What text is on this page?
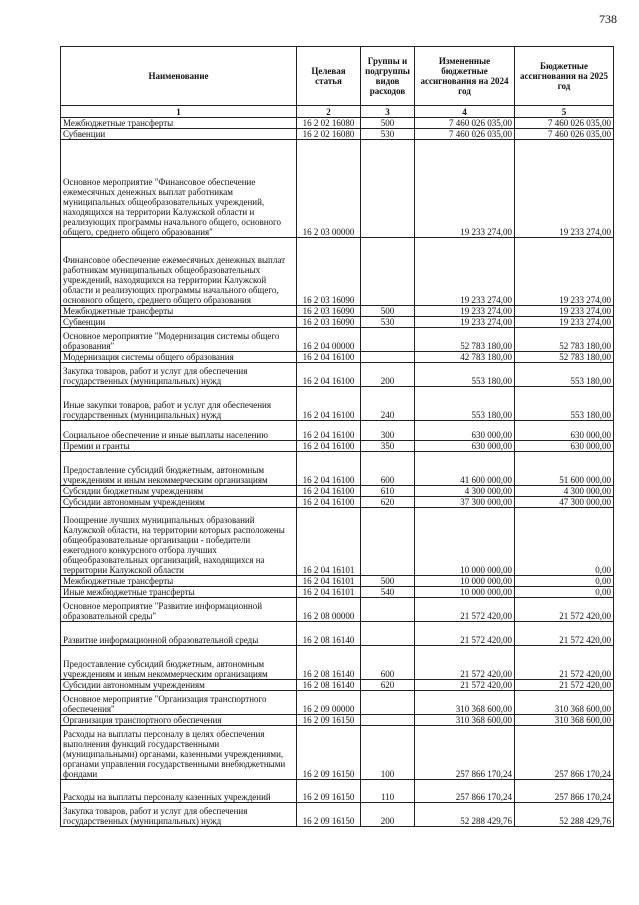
738
Наименование	Целевая статья	Группы и подгруппы видов расходов	Измененные бюджетные ассигнования на 2024 год	Бюджетные ассигнования на 2025 год
1	2	3	4	5
Межбюджетные трансферты	16 2 02 16080	500	7 460 026 035,00	7 460 026 035,00
Субвенции	16 2 02 16080	530	7 460 026 035,00	7 460 026 035,00
Основное мероприятие "Финансовое обеспечение ежемесячных денежных выплат работникам муниципальных общеобразовательных учреждений, находящихся на территории Калужской области и реализующих программы начального общего, основного общего, среднего общего образования"	16 2 03 00000		19 233 274,00	19 233 274,00
Финансовое обеспечение ежемесячных денежных выплат работникам муниципальных общеобразовательных учреждений, находящихся на территории Калужской области и реализующих программы начального общего, основного общего, среднего общего образования	16 2 03 16090		19 233 274,00	19 233 274,00
Межбюджетные трансферты	16 2 03 16090	500	19 233 274,00	19 233 274,00
Субвенции	16 2 03 16090	530	19 233 274,00	19 233 274,00
Основное мероприятие "Модернизация системы общего образования"	16 2 04 00000		52 783 180,00	52 783 180,00
Модернизация системы общего образования	16 2 04 16100		42 783 180,00	52 783 180,00
Закупка товаров, работ и услуг для обеспечения государственных (муниципальных) нужд	16 2 04 16100	200	553 180,00	553 180,00
Иные закупки товаров, работ и услуг для обеспечения государственных (муниципальных) нужд	16 2 04 16100	240	553 180,00	553 180,00
Социальное обеспечение и иные выплаты населению	16 2 04 16100	300	630 000,00	630 000,00
Премии и гранты	16 2 04 16100	350	630 000,00	630 000,00
Предоставление субсидий бюджетным, автономным учреждениям и иным некоммерческим организациям	16 2 04 16100	600	41 600 000,00	51 600 000,00
Субсидии бюджетным учреждениям	16 2 04 16100	610	4 300 000,00	4 300 000,00
Субсидии автономным учреждениям	16 2 04 16100	620	37 300 000,00	47 300 000,00
Поощрение лучших муниципальных образований Калужской области, на территории которых расположены общеобразовательные организации - победители ежегодного конкурсного отбора лучших общеобразовательных организаций, находящихся на территории Калужской области	16 2 04 16101		10 000 000,00	0,00
Межбюджетные трансферты	16 2 04 16101	500	10 000 000,00	0,00
Иные межбюджетные трансферты	16 2 04 16101	540	10 000 000,00	0,00
Основное мероприятие "Развитие информационной образовательной среды"	16 2 08 00000		21 572 420,00	21 572 420,00
Развитие информационной образовательной среды	16 2 08 16140		21 572 420,00	21 572 420,00
Предоставление субсидий бюджетным, автономным учреждениям и иным некоммерческим организациям	16 2 08 16140	600	21 572 420,00	21 572 420,00
Субсидии автономным учреждениям	16 2 08 16140	620	21 572 420,00	21 572 420,00
Основное мероприятие "Организация транспортного обеспечения"	16 2 09 00000		310 368 600,00	310 368 600,00
Организация транспортного обеспечения	16 2 09 16150		310 368 600,00	310 368 600,00
Расходы на выплаты персоналу в целях обеспечения выполнения функций государственными (муниципальными) органами, казенными учреждениями, органами управления государственными внебюджетными фондами	16 2 09 16150	100	257 866 170,24	257 866 170,24
Расходы на выплаты персоналу казенных учреждений	16 2 09 16150	110	257 866 170,24	257 866 170,24
Закупка товаров, работ и услуг для обеспечения государственных (муниципальных) нужд	16 2 09 16150	200	52 288 429,76	52 288 429,76
